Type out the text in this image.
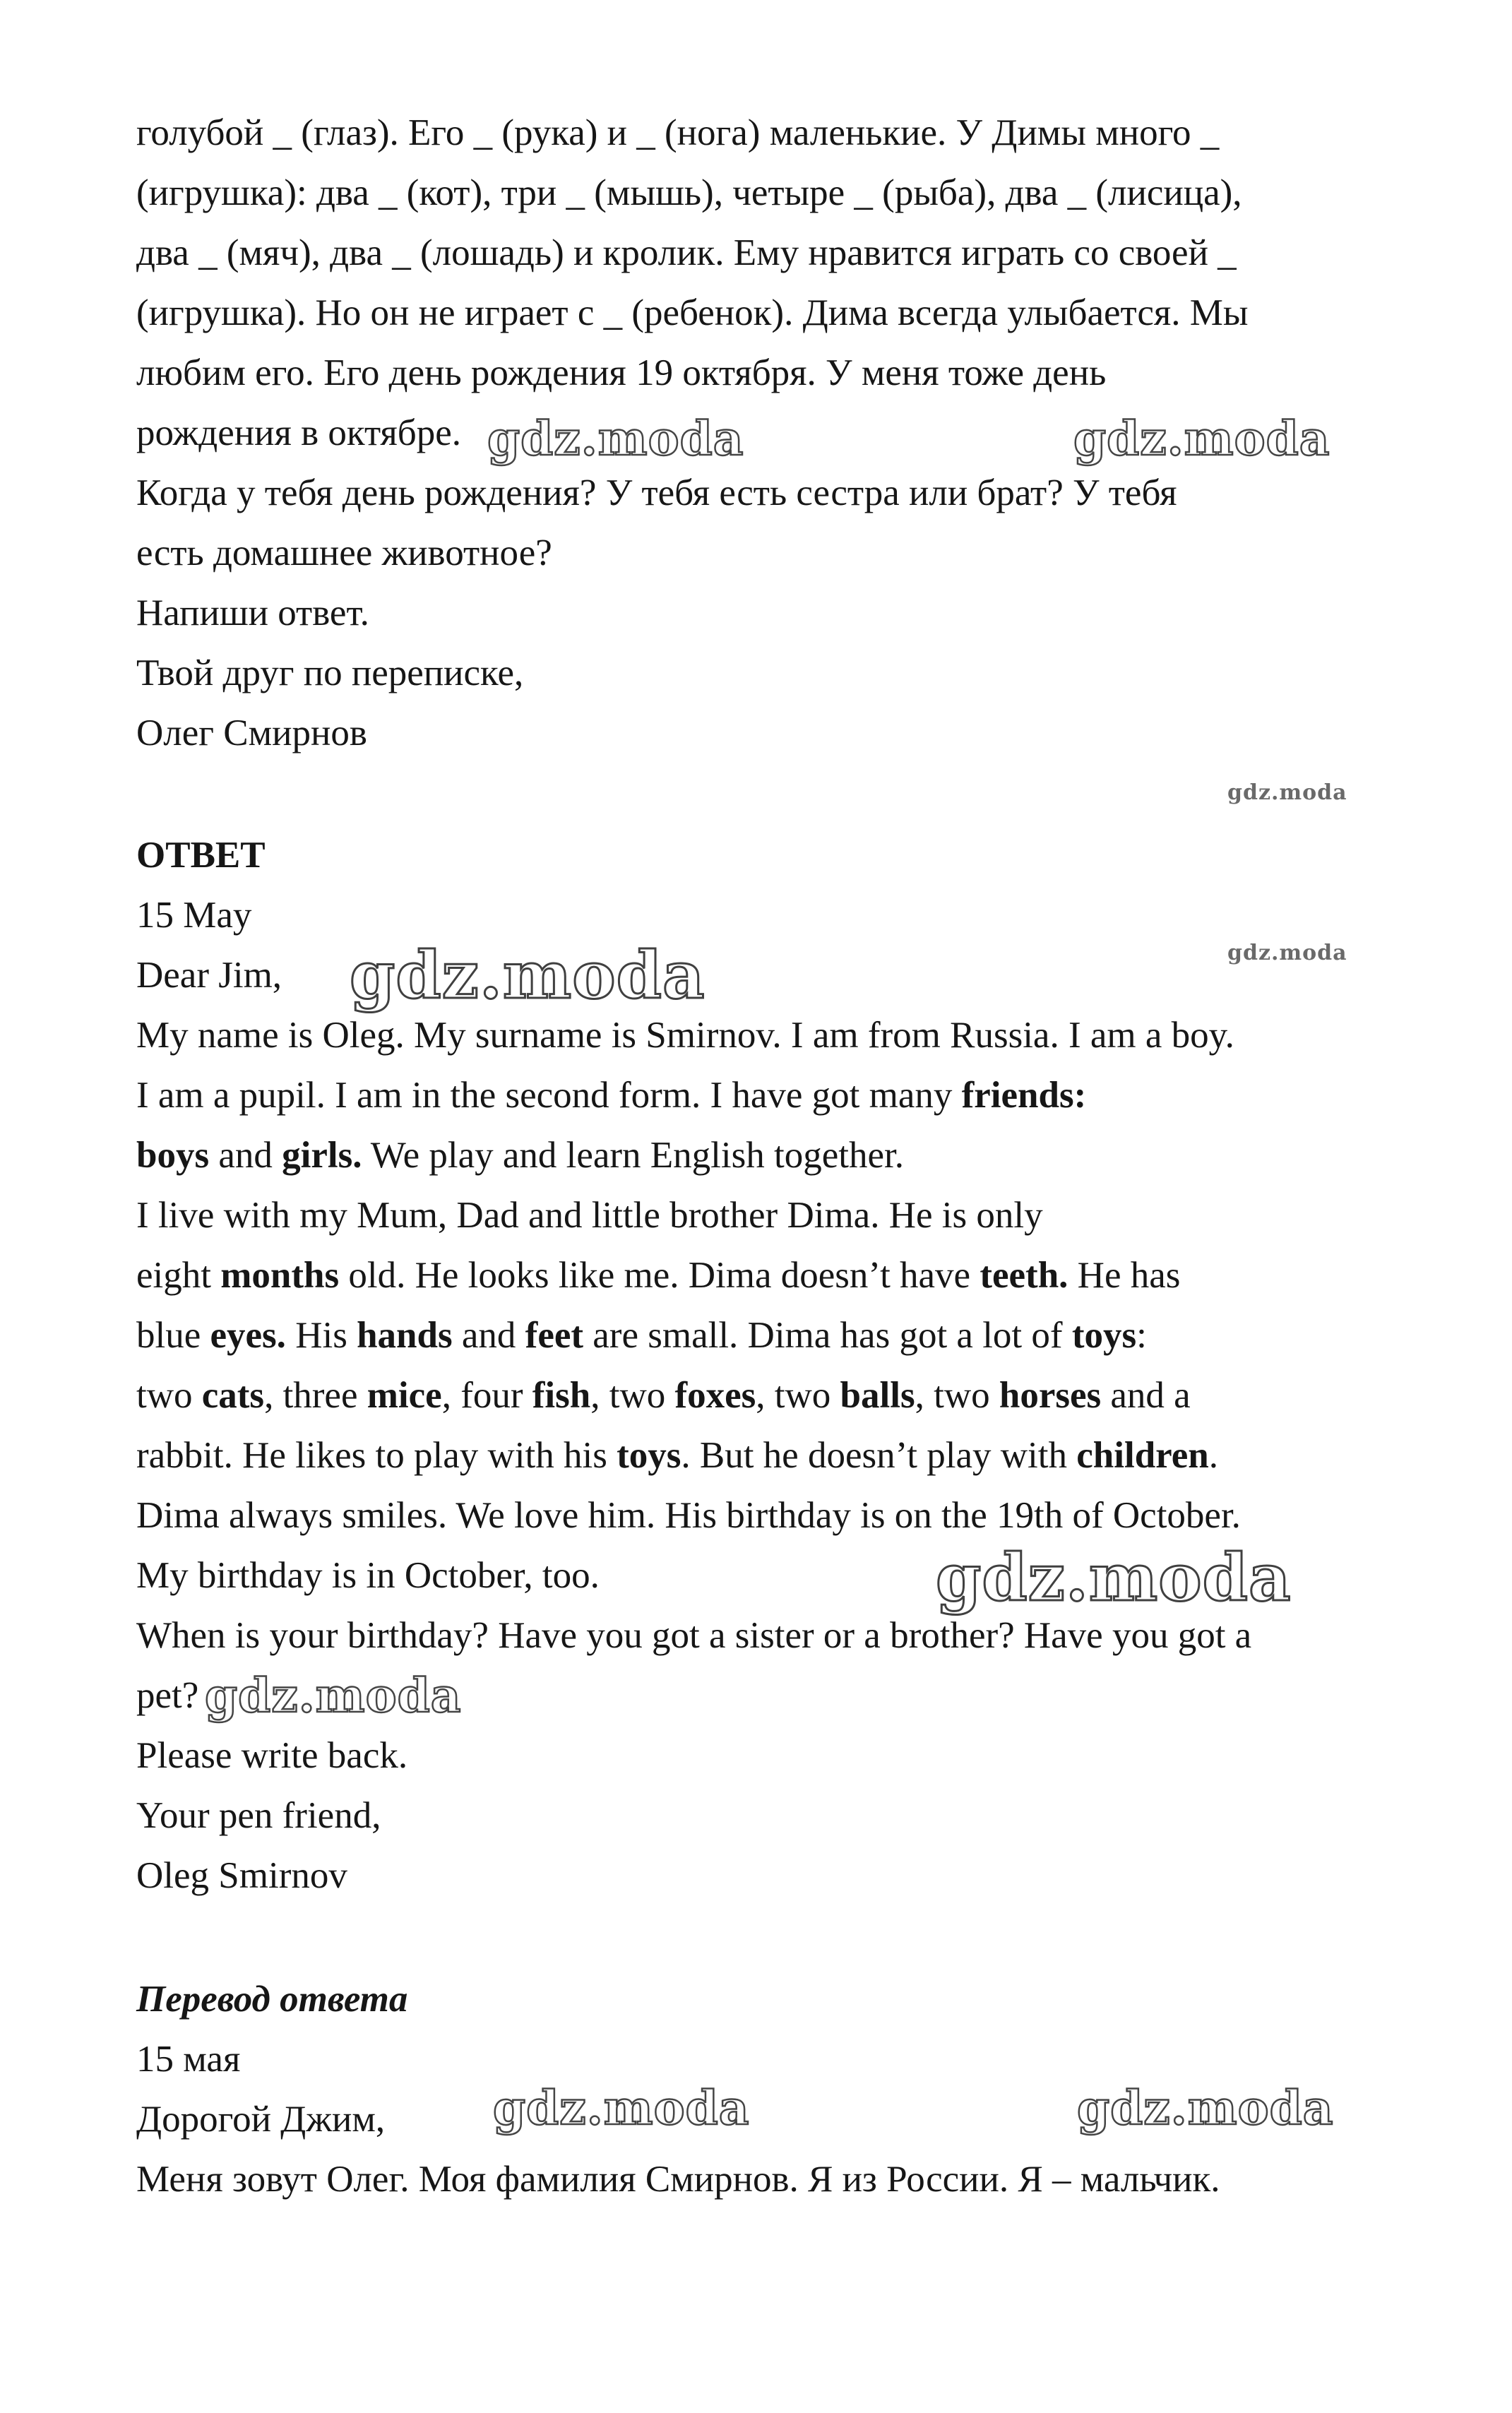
голубой _ (глаз). Его _ (рука) и _ (нога) маленькие. У Димы много _
(игрушка): два _ (кот), три _ (мышь), четыре _ (рыба), два _ (лисица),
два _ (мяч), два _ (лошадь) и кролик. Ему нравится играть со своей _
(игрушка). Но он не играет с _ (ребенок). Дима всегда улыбается. Мы
любим его. Его день рождения 19 октября. У меня тоже день
рождения в октябре.
Когда у тебя день рождения? У тебя есть сестра или брат? У тебя
есть домашнее животное?
Напиши ответ.
Твой друг по переписке,
Олег Смирнов
ОТВЕТ
15 May
Dear Jim,
My name is Oleg. My surname is Smirnov. I am from Russia. I am a boy.
I am a pupil. I am in the second form. I have got many friends:
boys and girls. We play and learn English together.
I live with my Mum, Dad and little brother Dima. He is only
eight months old. He looks like me. Dima doesn’t have teeth. He has
blue eyes. His hands and feet are small. Dima has got a lot of toys:
two cats, three mice, four fish, two foxes, two balls, two horses and a
rabbit. He likes to play with his toys. But he doesn’t play with children.
Dima always smiles. We love him. His birthday is on the 19th of October.
My birthday is in October, too.
When is your birthday? Have you got a sister or a brother? Have you got a
pet?
Please write back.
Your pen friend,
Oleg Smirnov
Перевод ответа
15 мая
Дорогой Джим,
Меня зовут Олег. Моя фамилия Смирнов. Я из России. Я – мальчик.
gdz.moda	gdz.moda
gdz.moda
gdz.moda
gdz.moda
gdz.moda
gdz.moda
gdz.moda	gdz.moda
